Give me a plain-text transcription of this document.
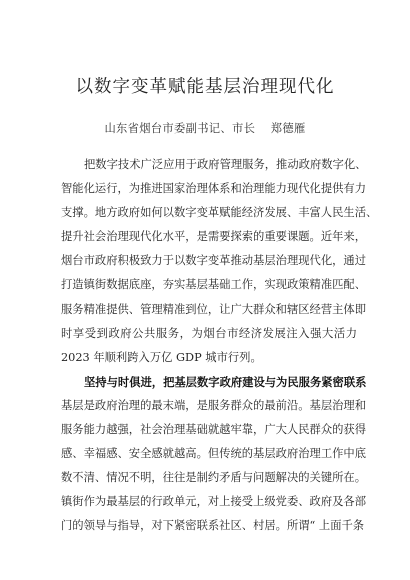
以数字变革赋能基层治理现代化
山东省烟台市委副书记、市长    郑德雁
把数字技术广泛应用于政府管理服务，推动政府数字化、
智能化运行，为推进国家治理体系和治理能力现代化提供有力
支撑。地方政府如何以数字变革赋能经济发展、丰富人民生活、
提升社会治理现代化水平，是需要探索的重要课题。近年来，
烟台市政府积极致力于以数字变革推动基层治理现代化，通过
打造镇街数据底座，夯实基层基础工作，实现政策精准匹配、
服务精准提供、管理精准到位，让广大群众和辖区经营主体即
时享受到政府公共服务，为烟台市经济发展注入强大活力
2023 年顺利跨入万亿 GDP 城市行列。
坚持与时俱进，把基层数字政府建设与为民服务紧密联系
基层是政府治理的最末端，是服务群众的最前沿。基层治理和
服务能力越强，社会治理基础就越牢靠，广大人民群众的获得
感、幸福感、安全感就越高。但传统的基层政府治理工作中底
数不清、情况不明，往往是制约矛盾与问题解决的关键所在。
镇街作为最基层的行政单元，对上接受上级党委、政府及各部
门的领导与指导，对下紧密联系社区、村居。所谓“ 上面千条
